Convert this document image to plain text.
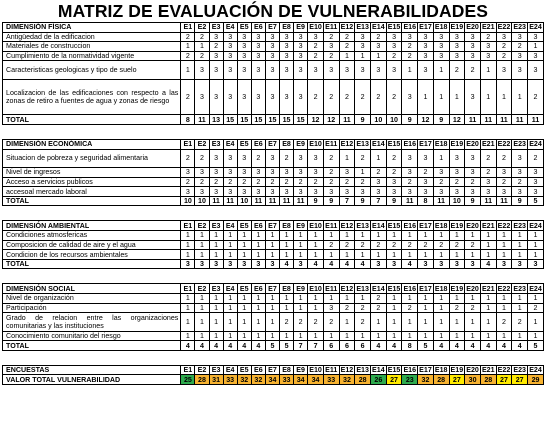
MATRIZ DE EVALUACIÓN DE VULNERABILIDADES
DIMENSIÓN FÍSICA	E1	E2	E3	E4	E5	E6	E7	E8	E9	E10	E11	E12	E13	E14	E15	E16	E17	E18	E19	E20	E21	E22	E23	E24
Antigüedad de la edificacion	2	2	3	3	3	3	3	3	3	3	2	2	3	2	3	3	3	3	3	3	2	3	3	3
Materiales de construccion	1	1	2	3	3	3	3	3	3	2	3	2	3	3	3	2	3	3	3	3	3	2	2	1
Cumplimiento de la normatividad vigente	2	2	3	3	3	3	3	3	3	2	2	1	1	1	2	2	3	3	3	3	3	2	3	3
Caracteristicas geologicas y tipo de suelo	1	3	3	3	3	3	3	3	3	3	3	3	3	3	3	1	3	1	2	2	1	3	3	3
Localizacion de las edificaciones con respecto a las zonas de retiro a fuentes de agua y zonas de riesgo	2	3	3	3	3	3	3	3	3	2	2	2	2	2	2	3	1	1	1	3	1	1	1	2
TOTAL	8	11	13	15	15	15	15	15	15	12	12	11	9	10	10	9	12	9	12	11	11	11	11	11

DIMENSIÓN ECONÓMICA	E1	E2	E3	E4	E5	E6	E7	E8	E9	E10	E11	E12	E13	E14	E15	E16	E17	E18	E19	E20	E21	E22	E23	E24
Situacion de pobreza y seguridad alimentaria	2	2	3	3	3	2	3	2	3	3	2	1	2	1	2	3	3	1	3	3	2	2	3	2
Nivel de ingresos	3	3	3	3	3	3	3	3	3	3	2	3	1	2	2	3	2	3	3	3	2	3	3	3
Acceso a servicios publicos	2	2	2	2	2	2	2	2	2	2	2	2	2	3	3	2	3	2	2	2	3	2	2	3
accesoal mercado laboral	3	3	3	3	3	3	3	3	3	3	3	3	3	3	3	3	3	3	3	3	3	3	3	3
TOTAL	10	10	11	11	10	11	11	11	11	9	9	7	9	7	9	11	8	11	10	9	11	11	9	5

DIMENSIÓN AMBIENTAL	E1	E2	E3	E4	E5	E6	E7	E8	E9	E10	E11	E12	E13	E14	E15	E16	E17	E18	E19	E20	E21	E22	E23	E24
Condiciones atmosfericas	1	1	1	1	1	1	1	1	1	1	1	1	1	1	1	1	1	1	1	1	1	1	1	1
Composicion de calidad de aire y el agua	1	1	1	1	1	1	1	1	1	1	2	2	2	2	2	2	2	2	2	2	1	1	1	1
Condicion de los recursos ambientales	1	1	1	1	1	1	1	1	1	1	1	1	1	1	1	1	1	1	1	1	1	1	1	1
TOTAL	3	3	3	3	3	3	3	4	3	4	4	4	4	3	3	4	3	3	3	3	4	3	3	3

DIMENSIÓN SOCIAL	E1	E2	E3	E4	E5	E6	E7	E8	E9	E10	E11	E12	E13	E14	E15	E16	E17	E18	E19	E20	E21	E22	E23	E24
Nivel de organización	1	1	1	1	1	1	1	1	1	1	1	1	1	2	1	1	1	1	1	1	1	1	1	1
Participación	1	1	1	1	1	1	1	1	1	1	3	2	2	2	1	2	1	1	2	2	1	1	1	2
Grado de relacion entre las organizaciones comunitarias y las instituciones	1	1	1	1	1	1	1	2	2	2	2	1	2	1	1	1	1	1	1	1	1	2	2	1
Conocimiento comunitario del riesgo	1	1	1	1	1	1	1	1	1	1	1	1	1	1	1	1	1	1	1	1	1	1	1	1
TOTAL	4	4	4	4	4	4	5	5	7	7	6	6	6	4	4	8	5	4	4	4	4	4	4	5

ENCUESTAS	E1	E2	E3	E4	E5	E6	E7	E8	E9	E10	E11	E12	E13	E14	E15	E16	E17	E18	E19	E20	E21	E22	E23	E24
VALOR TOTAL VULNERABILIDAD	25	28	31	33	32	32	34	33	34	34	33	32	28	26	27	23	32	28	27	30	28	27	27	29
